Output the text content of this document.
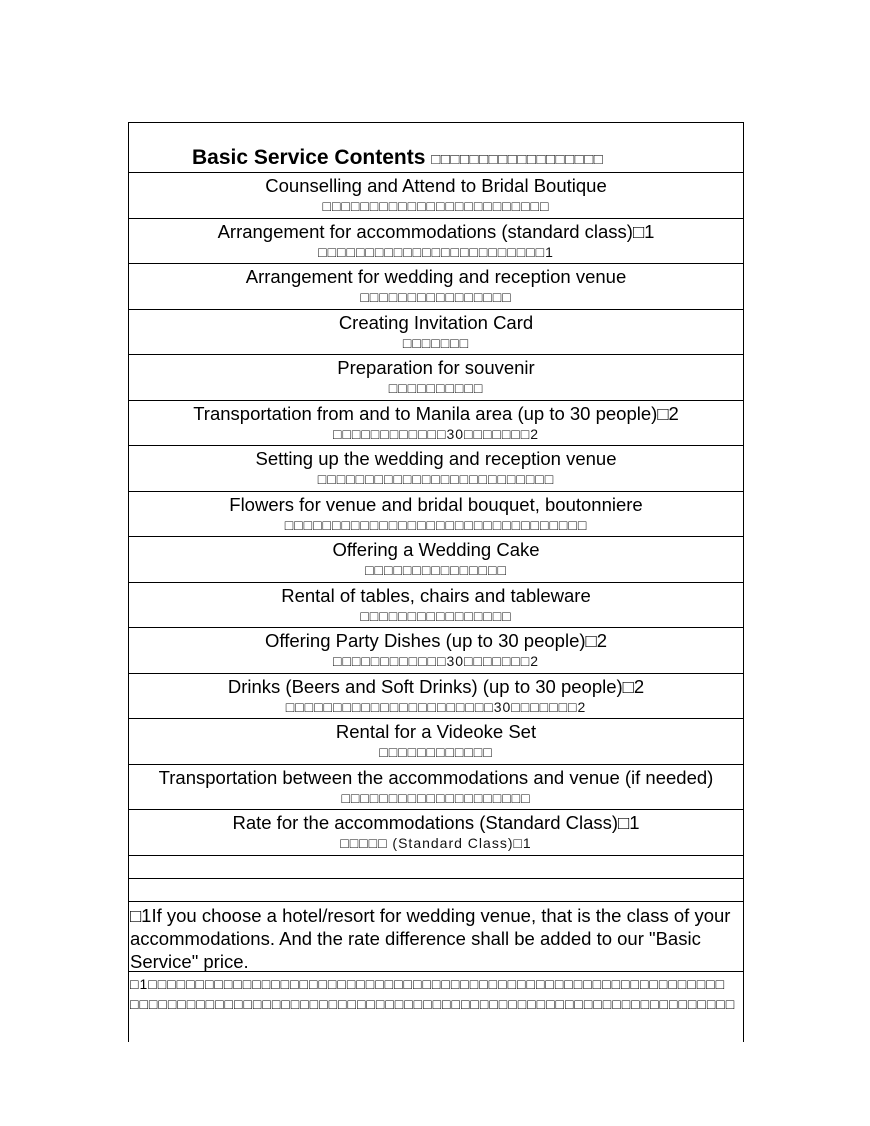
Basic Service Contents □□□□□□□□□□□□□□□□□□
Counselling and Attend to Bridal Boutique
□□□□□□□□□□□□□□□□□□□□□□□□
Arrangement for accommodations (standard class)□1
□□□□□□□□□□□□□□□□□□□□□□□□1
Arrangement for wedding and reception venue
□□□□□□□□□□□□□□□□
Creating Invitation Card
□□□□□□□
Preparation for souvenir
□□□□□□□□□□
Transportation from and to Manila area (up to 30 people)□2
□□□□□□□□□□□□30□□□□□□□2
Setting up the wedding and reception venue
□□□□□□□□□□□□□□□□□□□□□□□□□
Flowers for venue and bridal bouquet, boutonniere
□□□□□□□□□□□□□□□□□□□□□□□□□□□□□□□□
Offering a Wedding Cake
□□□□□□□□□□□□□□□
Rental of tables, chairs and tableware
□□□□□□□□□□□□□□□□
Offering Party Dishes (up to 30 people)□2
□□□□□□□□□□□□30□□□□□□□2
Drinks (Beers and Soft Drinks) (up to 30 people)□2
□□□□□□□□□□□□□□□□□□□□□□30□□□□□□□2
Rental for a Videoke Set
□□□□□□□□□□□□
Transportation between the accommodations and venue (if needed)
□□□□□□□□□□□□□□□□□□□□
Rate for the accommodations (Standard Class)□1
□□□□□ (Standard Class)□1
□1If you choose a hotel/resort for wedding venue, that is the class of your accommodations. And the rate difference shall be added to our "Basic Service" price.
□1□□□□□□□□□□□□□□□□□□□□□□□□□□□□□□□□□□□□□□□□□□□□□□□□□□□□□□□□□□□□□
□□□□□□□□□□□□□□□□□□□□□□□□□□□□□□□□□□□□□□□□□□□□□□□□□□□□□□□□□□□□□□□□
